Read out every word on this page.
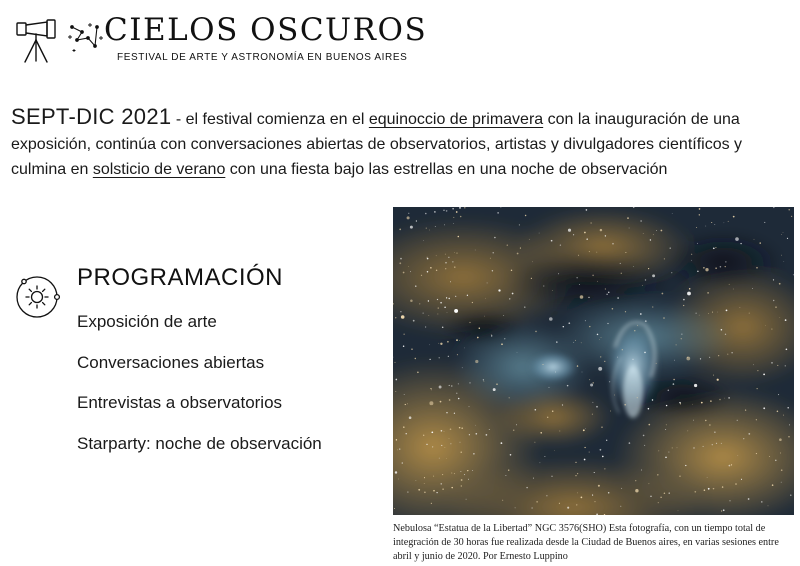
CIELOS OSCUROS
FESTIVAL DE ARTE Y ASTRONOMÍA EN BUENOS AIRES

SEPT-DIC 2021 - el festival comienza en el equinoccio de primavera con la inauguración de una exposición, continúa con conversaciones abiertas de observatorios, artistas y divulgadores científicos y culmina en solsticio de verano con una fiesta bajo las estrellas en una noche de observación

PROGRAMACIÓN
Exposición de arte
Conversaciones abiertas
Entrevistas a observatorios
Starparty: noche de observación

Nebulosa “Estatua de la Libertad” NGC 3576(SHO) Esta fotografía, con un tiempo total de integración de 30 horas fue realizada desde la Ciudad de Buenos aires, en varias sesiones entre abril y junio de 2020. Por Ernesto Luppino
